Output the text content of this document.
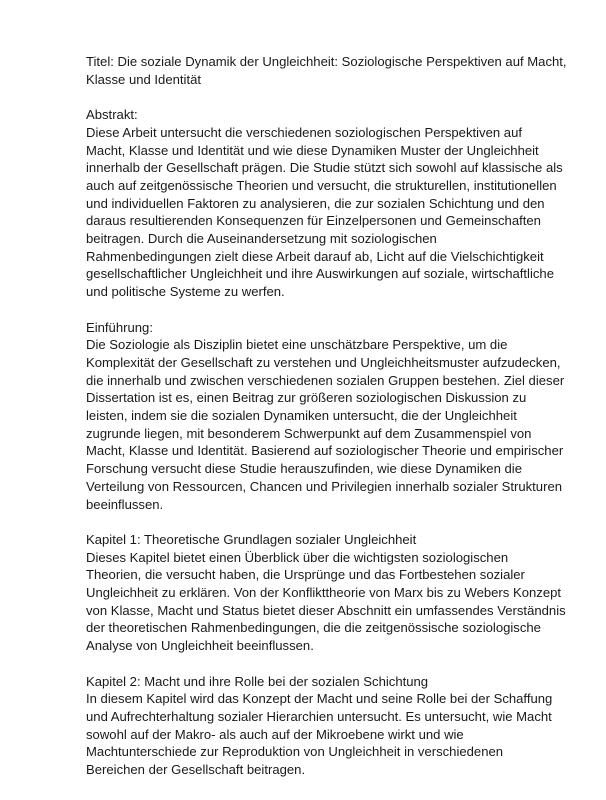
Titel: Die soziale Dynamik der Ungleichheit: Soziologische Perspektiven auf Macht,
Klasse und Identität
Abstrakt:
Diese Arbeit untersucht die verschiedenen soziologischen Perspektiven auf
Macht, Klasse und Identität und wie diese Dynamiken Muster der Ungleichheit
innerhalb der Gesellschaft prägen. Die Studie stützt sich sowohl auf klassische als
auch auf zeitgenössische Theorien und versucht, die strukturellen, institutionellen
und individuellen Faktoren zu analysieren, die zur sozialen Schichtung und den
daraus resultierenden Konsequenzen für Einzelpersonen und Gemeinschaften
beitragen. Durch die Auseinandersetzung mit soziologischen
Rahmenbedingungen zielt diese Arbeit darauf ab, Licht auf die Vielschichtigkeit
gesellschaftlicher Ungleichheit und ihre Auswirkungen auf soziale, wirtschaftliche
und politische Systeme zu werfen.
Einführung:
Die Soziologie als Disziplin bietet eine unschätzbare Perspektive, um die
Komplexität der Gesellschaft zu verstehen und Ungleichheitsmuster aufzudecken,
die innerhalb und zwischen verschiedenen sozialen Gruppen bestehen. Ziel dieser
Dissertation ist es, einen Beitrag zur größeren soziologischen Diskussion zu
leisten, indem sie die sozialen Dynamiken untersucht, die der Ungleichheit
zugrunde liegen, mit besonderem Schwerpunkt auf dem Zusammenspiel von
Macht, Klasse und Identität. Basierend auf soziologischer Theorie und empirischer
Forschung versucht diese Studie herauszufinden, wie diese Dynamiken die
Verteilung von Ressourcen, Chancen und Privilegien innerhalb sozialer Strukturen
beeinflussen.
Kapitel 1: Theoretische Grundlagen sozialer Ungleichheit
Dieses Kapitel bietet einen Überblick über die wichtigsten soziologischen
Theorien, die versucht haben, die Ursprünge und das Fortbestehen sozialer
Ungleichheit zu erklären. Von der Konflikttheorie von Marx bis zu Webers Konzept
von Klasse, Macht und Status bietet dieser Abschnitt ein umfassendes Verständnis
der theoretischen Rahmenbedingungen, die die zeitgenössische soziologische
Analyse von Ungleichheit beeinflussen.
Kapitel 2: Macht und ihre Rolle bei der sozialen Schichtung
In diesem Kapitel wird das Konzept der Macht und seine Rolle bei der Schaffung
und Aufrechterhaltung sozialer Hierarchien untersucht. Es untersucht, wie Macht
sowohl auf der Makro- als auch auf der Mikroebene wirkt und wie
Machtunterschiede zur Reproduktion von Ungleichheit in verschiedenen
Bereichen der Gesellschaft beitragen.
